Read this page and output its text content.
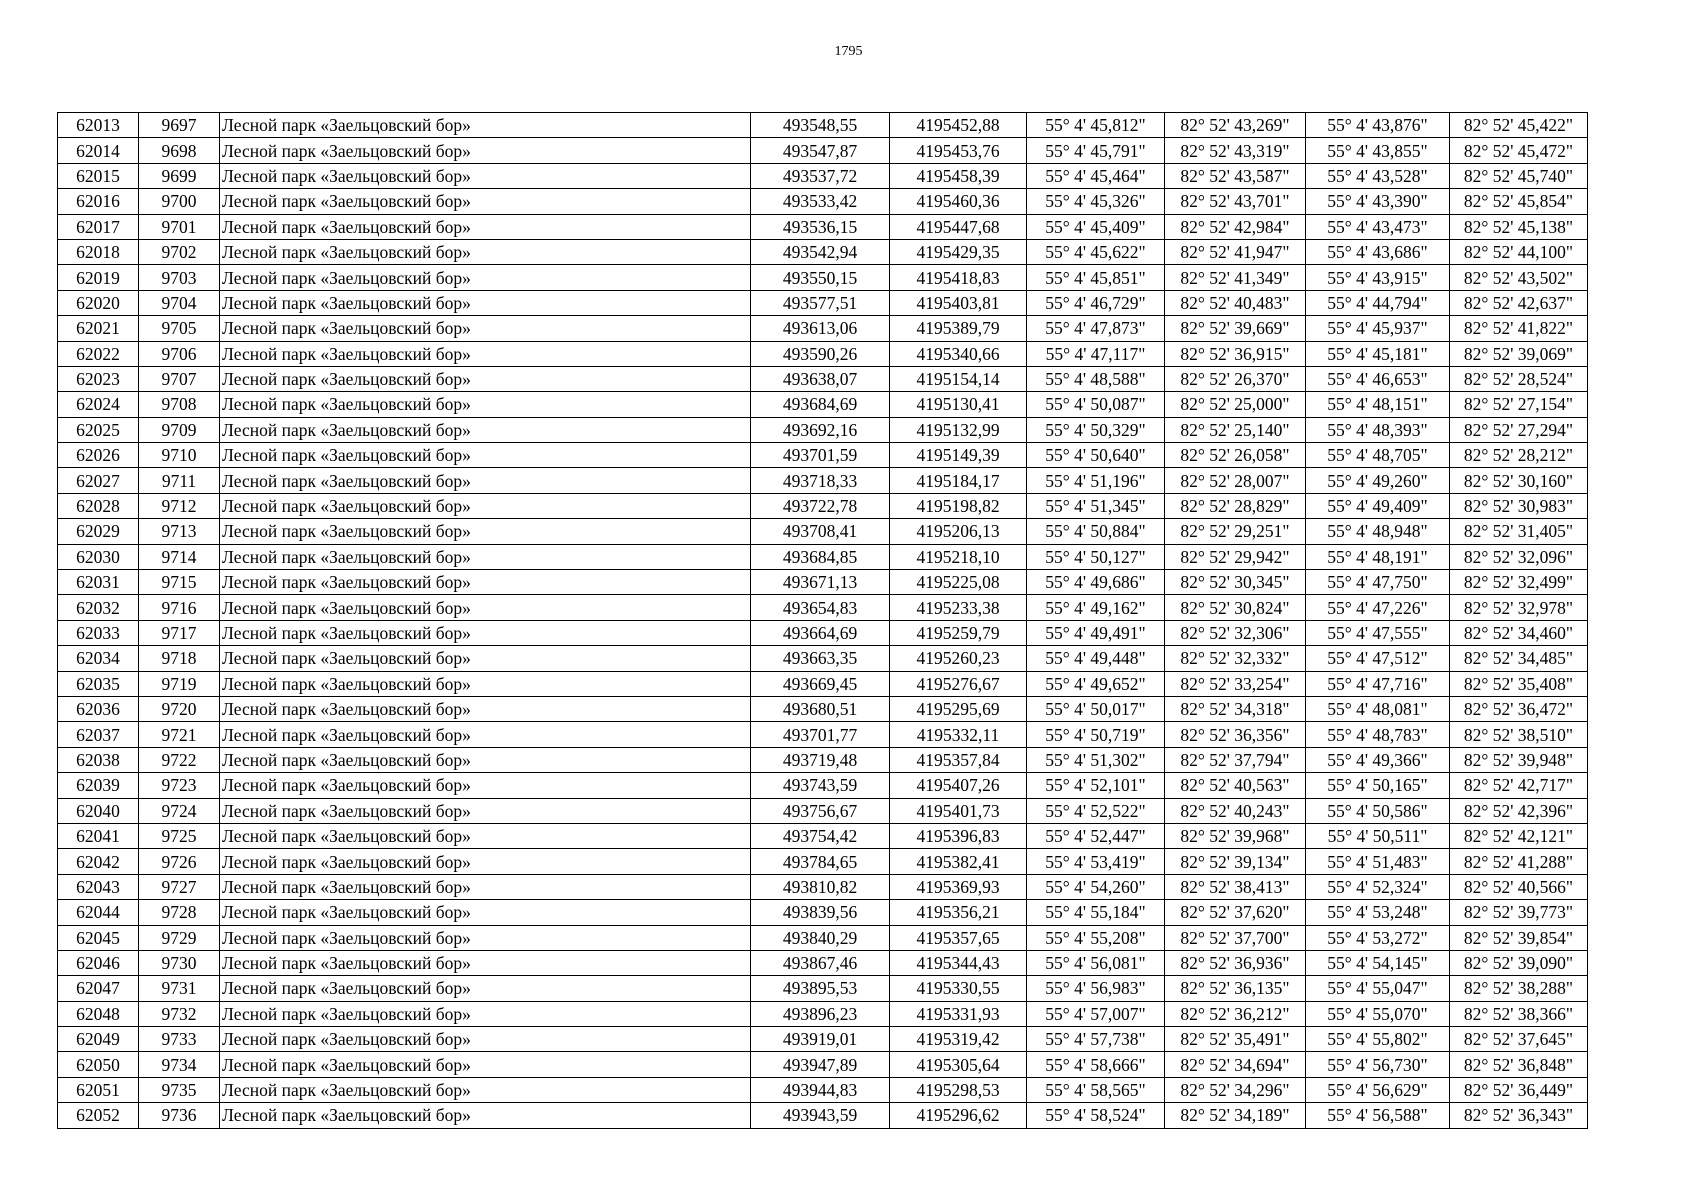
1795
62013	9697	Лесной парк «Заельцовский бор»	493548,55	4195452,88	55° 4' 45,812"	82° 52' 43,269"	55° 4' 43,876"	82° 52' 45,422"
62014	9698	Лесной парк «Заельцовский бор»	493547,87	4195453,76	55° 4' 45,791"	82° 52' 43,319"	55° 4' 43,855"	82° 52' 45,472"
62015	9699	Лесной парк «Заельцовский бор»	493537,72	4195458,39	55° 4' 45,464"	82° 52' 43,587"	55° 4' 43,528"	82° 52' 45,740"
62016	9700	Лесной парк «Заельцовский бор»	493533,42	4195460,36	55° 4' 45,326"	82° 52' 43,701"	55° 4' 43,390"	82° 52' 45,854"
62017	9701	Лесной парк «Заельцовский бор»	493536,15	4195447,68	55° 4' 45,409"	82° 52' 42,984"	55° 4' 43,473"	82° 52' 45,138"
62018	9702	Лесной парк «Заельцовский бор»	493542,94	4195429,35	55° 4' 45,622"	82° 52' 41,947"	55° 4' 43,686"	82° 52' 44,100"
62019	9703	Лесной парк «Заельцовский бор»	493550,15	4195418,83	55° 4' 45,851"	82° 52' 41,349"	55° 4' 43,915"	82° 52' 43,502"
62020	9704	Лесной парк «Заельцовский бор»	493577,51	4195403,81	55° 4' 46,729"	82° 52' 40,483"	55° 4' 44,794"	82° 52' 42,637"
62021	9705	Лесной парк «Заельцовский бор»	493613,06	4195389,79	55° 4' 47,873"	82° 52' 39,669"	55° 4' 45,937"	82° 52' 41,822"
62022	9706	Лесной парк «Заельцовский бор»	493590,26	4195340,66	55° 4' 47,117"	82° 52' 36,915"	55° 4' 45,181"	82° 52' 39,069"
62023	9707	Лесной парк «Заельцовский бор»	493638,07	4195154,14	55° 4' 48,588"	82° 52' 26,370"	55° 4' 46,653"	82° 52' 28,524"
62024	9708	Лесной парк «Заельцовский бор»	493684,69	4195130,41	55° 4' 50,087"	82° 52' 25,000"	55° 4' 48,151"	82° 52' 27,154"
62025	9709	Лесной парк «Заельцовский бор»	493692,16	4195132,99	55° 4' 50,329"	82° 52' 25,140"	55° 4' 48,393"	82° 52' 27,294"
62026	9710	Лесной парк «Заельцовский бор»	493701,59	4195149,39	55° 4' 50,640"	82° 52' 26,058"	55° 4' 48,705"	82° 52' 28,212"
62027	9711	Лесной парк «Заельцовский бор»	493718,33	4195184,17	55° 4' 51,196"	82° 52' 28,007"	55° 4' 49,260"	82° 52' 30,160"
62028	9712	Лесной парк «Заельцовский бор»	493722,78	4195198,82	55° 4' 51,345"	82° 52' 28,829"	55° 4' 49,409"	82° 52' 30,983"
62029	9713	Лесной парк «Заельцовский бор»	493708,41	4195206,13	55° 4' 50,884"	82° 52' 29,251"	55° 4' 48,948"	82° 52' 31,405"
62030	9714	Лесной парк «Заельцовский бор»	493684,85	4195218,10	55° 4' 50,127"	82° 52' 29,942"	55° 4' 48,191"	82° 52' 32,096"
62031	9715	Лесной парк «Заельцовский бор»	493671,13	4195225,08	55° 4' 49,686"	82° 52' 30,345"	55° 4' 47,750"	82° 52' 32,499"
62032	9716	Лесной парк «Заельцовский бор»	493654,83	4195233,38	55° 4' 49,162"	82° 52' 30,824"	55° 4' 47,226"	82° 52' 32,978"
62033	9717	Лесной парк «Заельцовский бор»	493664,69	4195259,79	55° 4' 49,491"	82° 52' 32,306"	55° 4' 47,555"	82° 52' 34,460"
62034	9718	Лесной парк «Заельцовский бор»	493663,35	4195260,23	55° 4' 49,448"	82° 52' 32,332"	55° 4' 47,512"	82° 52' 34,485"
62035	9719	Лесной парк «Заельцовский бор»	493669,45	4195276,67	55° 4' 49,652"	82° 52' 33,254"	55° 4' 47,716"	82° 52' 35,408"
62036	9720	Лесной парк «Заельцовский бор»	493680,51	4195295,69	55° 4' 50,017"	82° 52' 34,318"	55° 4' 48,081"	82° 52' 36,472"
62037	9721	Лесной парк «Заельцовский бор»	493701,77	4195332,11	55° 4' 50,719"	82° 52' 36,356"	55° 4' 48,783"	82° 52' 38,510"
62038	9722	Лесной парк «Заельцовский бор»	493719,48	4195357,84	55° 4' 51,302"	82° 52' 37,794"	55° 4' 49,366"	82° 52' 39,948"
62039	9723	Лесной парк «Заельцовский бор»	493743,59	4195407,26	55° 4' 52,101"	82° 52' 40,563"	55° 4' 50,165"	82° 52' 42,717"
62040	9724	Лесной парк «Заельцовский бор»	493756,67	4195401,73	55° 4' 52,522"	82° 52' 40,243"	55° 4' 50,586"	82° 52' 42,396"
62041	9725	Лесной парк «Заельцовский бор»	493754,42	4195396,83	55° 4' 52,447"	82° 52' 39,968"	55° 4' 50,511"	82° 52' 42,121"
62042	9726	Лесной парк «Заельцовский бор»	493784,65	4195382,41	55° 4' 53,419"	82° 52' 39,134"	55° 4' 51,483"	82° 52' 41,288"
62043	9727	Лесной парк «Заельцовский бор»	493810,82	4195369,93	55° 4' 54,260"	82° 52' 38,413"	55° 4' 52,324"	82° 52' 40,566"
62044	9728	Лесной парк «Заельцовский бор»	493839,56	4195356,21	55° 4' 55,184"	82° 52' 37,620"	55° 4' 53,248"	82° 52' 39,773"
62045	9729	Лесной парк «Заельцовский бор»	493840,29	4195357,65	55° 4' 55,208"	82° 52' 37,700"	55° 4' 53,272"	82° 52' 39,854"
62046	9730	Лесной парк «Заельцовский бор»	493867,46	4195344,43	55° 4' 56,081"	82° 52' 36,936"	55° 4' 54,145"	82° 52' 39,090"
62047	9731	Лесной парк «Заельцовский бор»	493895,53	4195330,55	55° 4' 56,983"	82° 52' 36,135"	55° 4' 55,047"	82° 52' 38,288"
62048	9732	Лесной парк «Заельцовский бор»	493896,23	4195331,93	55° 4' 57,007"	82° 52' 36,212"	55° 4' 55,070"	82° 52' 38,366"
62049	9733	Лесной парк «Заельцовский бор»	493919,01	4195319,42	55° 4' 57,738"	82° 52' 35,491"	55° 4' 55,802"	82° 52' 37,645"
62050	9734	Лесной парк «Заельцовский бор»	493947,89	4195305,64	55° 4' 58,666"	82° 52' 34,694"	55° 4' 56,730"	82° 52' 36,848"
62051	9735	Лесной парк «Заельцовский бор»	493944,83	4195298,53	55° 4' 58,565"	82° 52' 34,296"	55° 4' 56,629"	82° 52' 36,449"
62052	9736	Лесной парк «Заельцовский бор»	493943,59	4195296,62	55° 4' 58,524"	82° 52' 34,189"	55° 4' 56,588"	82° 52' 36,343"
